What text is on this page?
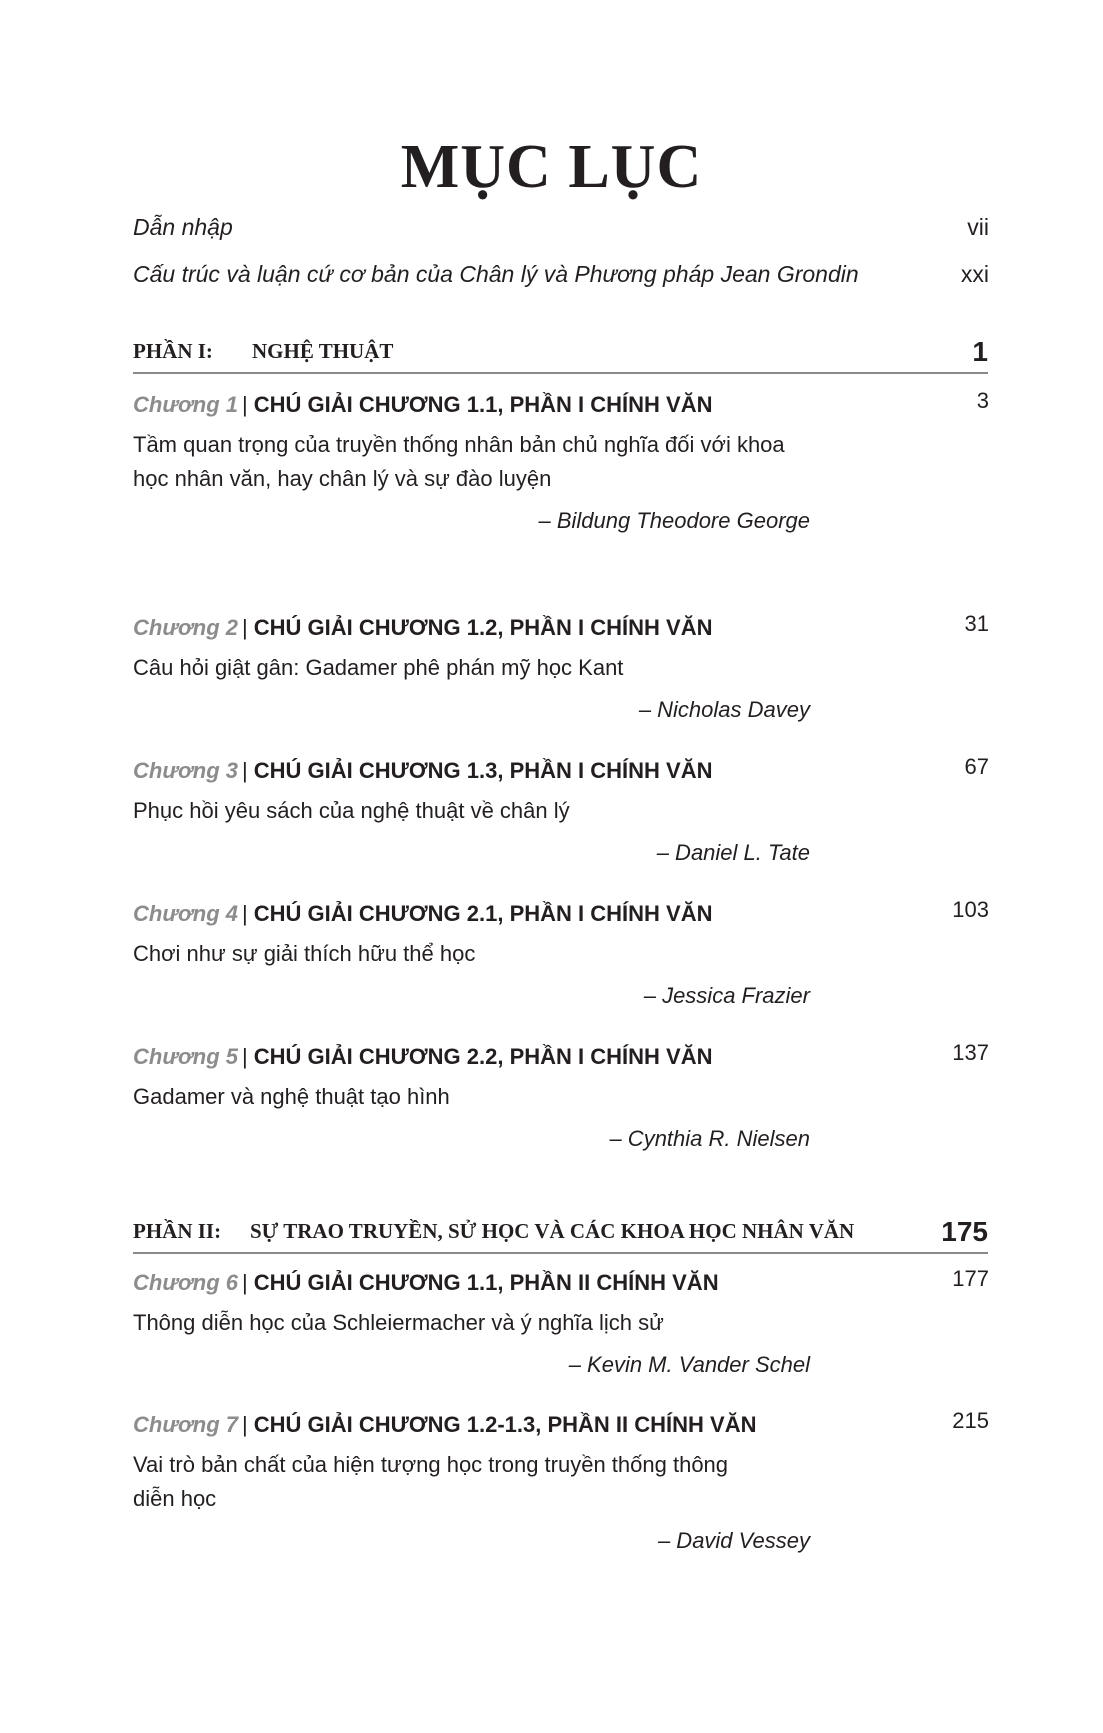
MỤC LỤC
Dẫn nhập	vii
Cấu trúc và luận cứ cơ bản của Chân lý và Phương pháp Jean Grondin	xxi
PHẦN I: NGHỆ THUẬT	1
Chương 1 | CHÚ GIẢI CHƯƠNG 1.1, PHẦN I CHÍNH VĂN	3
Tầm quan trọng của truyền thống nhân bản chủ nghĩa đối với khoa học nhân văn, hay chân lý và sự đào luyện
– Bildung Theodore George
Chương 2 | CHÚ GIẢI CHƯƠNG 1.2, PHẦN I CHÍNH VĂN	31
Câu hỏi giật gân: Gadamer phê phán mỹ học Kant
– Nicholas Davey
Chương 3 | CHÚ GIẢI CHƯƠNG 1.3, PHẦN I CHÍNH VĂN	67
Phục hồi yêu sách của nghệ thuật về chân lý
– Daniel L. Tate
Chương 4 | CHÚ GIẢI CHƯƠNG 2.1, PHẦN I CHÍNH VĂN	103
Chơi như sự giải thích hữu thể học
– Jessica Frazier
Chương 5 | CHÚ GIẢI CHƯƠNG 2.2, PHẦN I CHÍNH VĂN	137
Gadamer và nghệ thuật tạo hình
– Cynthia R. Nielsen
PHẦN II: SỰ TRAO TRUYỀN, SỬ HỌC VÀ CÁC KHOA HỌC NHÂN VĂN	175
Chương 6 | CHÚ GIẢI CHƯƠNG 1.1, PHẦN II CHÍNH VĂN	177
Thông diễn học của Schleiermacher và ý nghĩa lịch sử
– Kevin M. Vander Schel
Chương 7 | CHÚ GIẢI CHƯƠNG 1.2-1.3, PHẦN II CHÍNH VĂN	215
Vai trò bản chất của hiện tượng học trong truyền thống thông diễn học
– David Vessey
